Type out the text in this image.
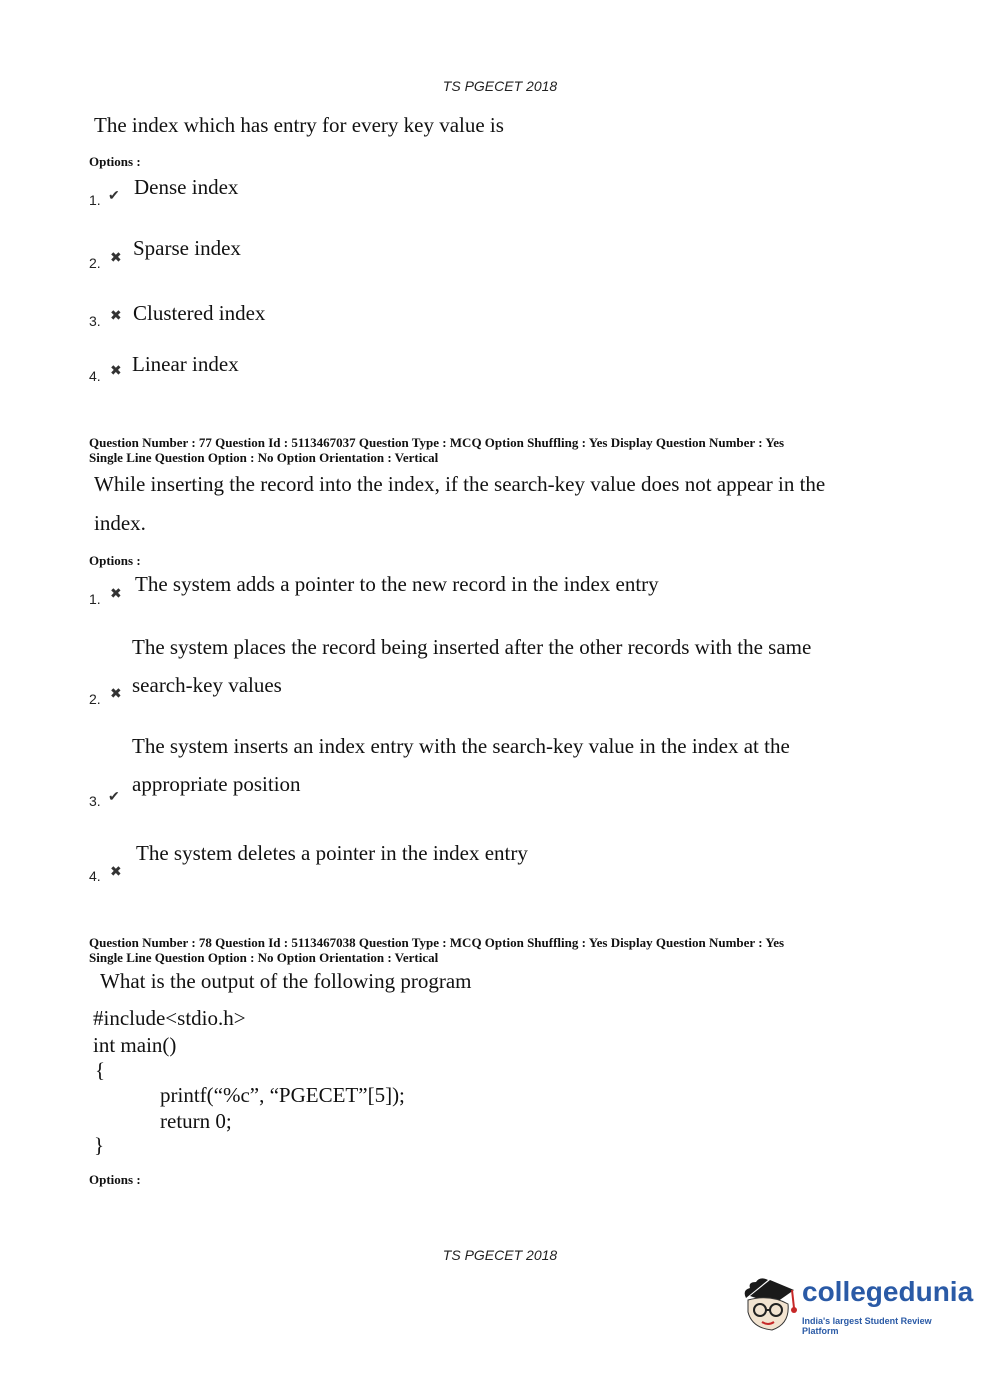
TS PGECET 2018
The index which has entry for every key value is
Options :
1. ✔ Dense index
2. ✖ Sparse index
3. ✖ Clustered index
4. ✖ Linear index
Question Number : 77 Question Id : 5113467037 Question Type : MCQ Option Shuffling : Yes Display Question Number : Yes
Single Line Question Option : No Option Orientation : Vertical
While inserting the record into the index, if the search-key value does not appear in the
index.
Options :
1. ✖ The system adds a pointer to the new record in the index entry
The system places the record being inserted after the other records with the same
2. ✖ search-key values
The system inserts an index entry with the search-key value in the index at the
3. ✔
appropriate position
4. ✖
The system deletes a pointer in the index entry
Question Number : 78 Question Id : 5113467038 Question Type : MCQ Option Shuffling : Yes Display Question Number : Yes
Single Line Question Option : No Option Orientation : Vertical
What is the output of the following program
#include<stdio.h>
int main()
{
printf(“%c”, “PGECET”[5]);
return 0;
}
Options :
TS PGECET 2018
collegedunia
India's largest Student Review Platform
